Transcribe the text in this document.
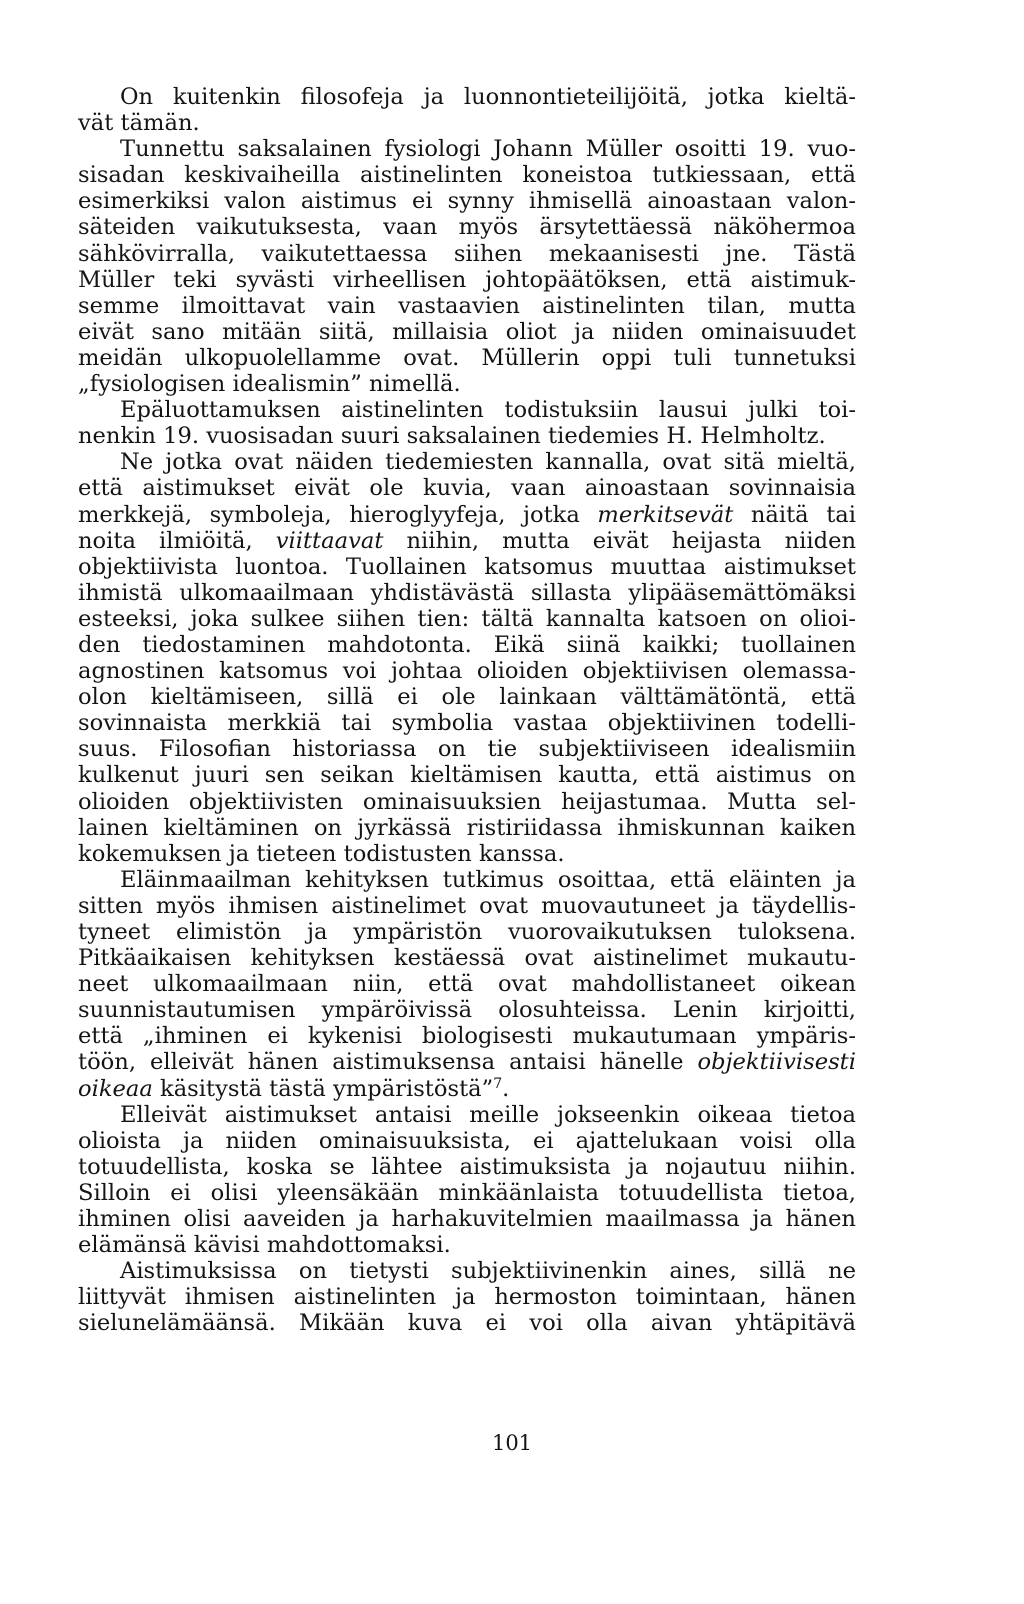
On kuitenkin filosofeja ja luonnontieteilijöitä, jotka kieltä-
vät tämän.

Tunnettu saksalainen fysiologi Johann Müller osoitti 19. vuo-
sisadan keskivaiheilla aistinelinten koneistoa tutkiessaan, että
esimerkiksi valon aistimus ei synny ihmisellä ainoastaan valon-
säteiden vaikutuksesta, vaan myös ärsytettäessä näköhermoa
sähkövirralla, vaikutettaessa siihen mekaanisesti jne. Tästä
Müller teki syvästi virheellisen johtopäätöksen, että aistimuk-
semme ilmoittavat vain vastaavien aistinelinten tilan, mutta
eivät sano mitään siitä, millaisia oliot ja niiden ominaisuudet
meidän ulkopuolellamme ovat. Müllerin oppi tuli tunnetuksi
„fysiologisen idealismin” nimellä.

Epäluottamuksen aistinelinten todistuksiin lausui julki toi-
nenkin 19. vuosisadan suuri saksalainen tiedemies H. Helmholtz.

Ne jotka ovat näiden tiedemiesten kannalla, ovat sitä mieltä,
että aistimukset eivät ole kuvia, vaan ainoastaan sovinnaisia
merkkejä, symboleja, hieroglyyfeja, jotka merkitsevät näitä tai
noita ilmiöitä, viittaavat niihin, mutta eivät heijasta niiden
objektiivista luontoa. Tuollainen katsomus muuttaa aistimukset
ihmistä ulkomaailmaan yhdistävästä sillasta ylipääsemättömäksi
esteeksi, joka sulkee siihen tien: tältä kannalta katsoen on olioi-
den tiedostaminen mahdotonta. Eikä siinä kaikki; tuollainen
agnostinen katsomus voi johtaa olioiden objektiivisen olemassa-
olon kieltämiseen, sillä ei ole lainkaan välttämätöntä, että
sovinnaista merkkiä tai symbolia vastaa objektiivinen todelli-
suus. Filosofian historiassa on tie subjektiiviseen idealismiin
kulkenut juuri sen seikan kieltämisen kautta, että aistimus on
olioiden objektiivisten ominaisuuksien heijastumaa. Mutta sel-
lainen kieltäminen on jyrkässä ristiriidassa ihmiskunnan kaiken
kokemuksen ja tieteen todistusten kanssa.

Eläinmaailman kehityksen tutkimus osoittaa, että eläinten ja
sitten myös ihmisen aistinelimet ovat muovautuneet ja täydellis-
tyneet elimistön ja ympäristön vuorovaikutuksen tuloksena.
Pitkäaikaisen kehityksen kestäessä ovat aistinelimet mukautu-
neet ulkomaailmaan niin, että ovat mahdollistaneet oikean
suunnistautumisen ympäröivissä olosuhteissa. Lenin kirjoitti,
että „ihminen ei kykenisi biologisesti mukautumaan ympäris-
töön, elleivät hänen aistimuksensa antaisi hänelle objektiivisesti
oikeaa käsitystä tästä ympäristöstä”$^7$.

Elleivät aistimukset antaisi meille jokseenkin oikeaa tietoa
olioista ja niiden ominaisuuksista, ei ajattelukaan voisi olla
totuudellista, koska se lähtee aistimuksista ja nojautuu niihin.
Silloin ei olisi yleensäkään minkäänlaista totuudellista tietoa,
ihminen olisi aaveiden ja harhakuvitelmien maailmassa ja hänen
elämänsä kävisi mahdottomaksi.

Aistimuksissa on tietysti subjektiivinenkin aines, sillä ne
liittyvät ihmisen aistinelinten ja hermoston toimintaan, hänen
sielunelämäänsä. Mikään kuva ei voi olla aivan yhtäpitävä

101
